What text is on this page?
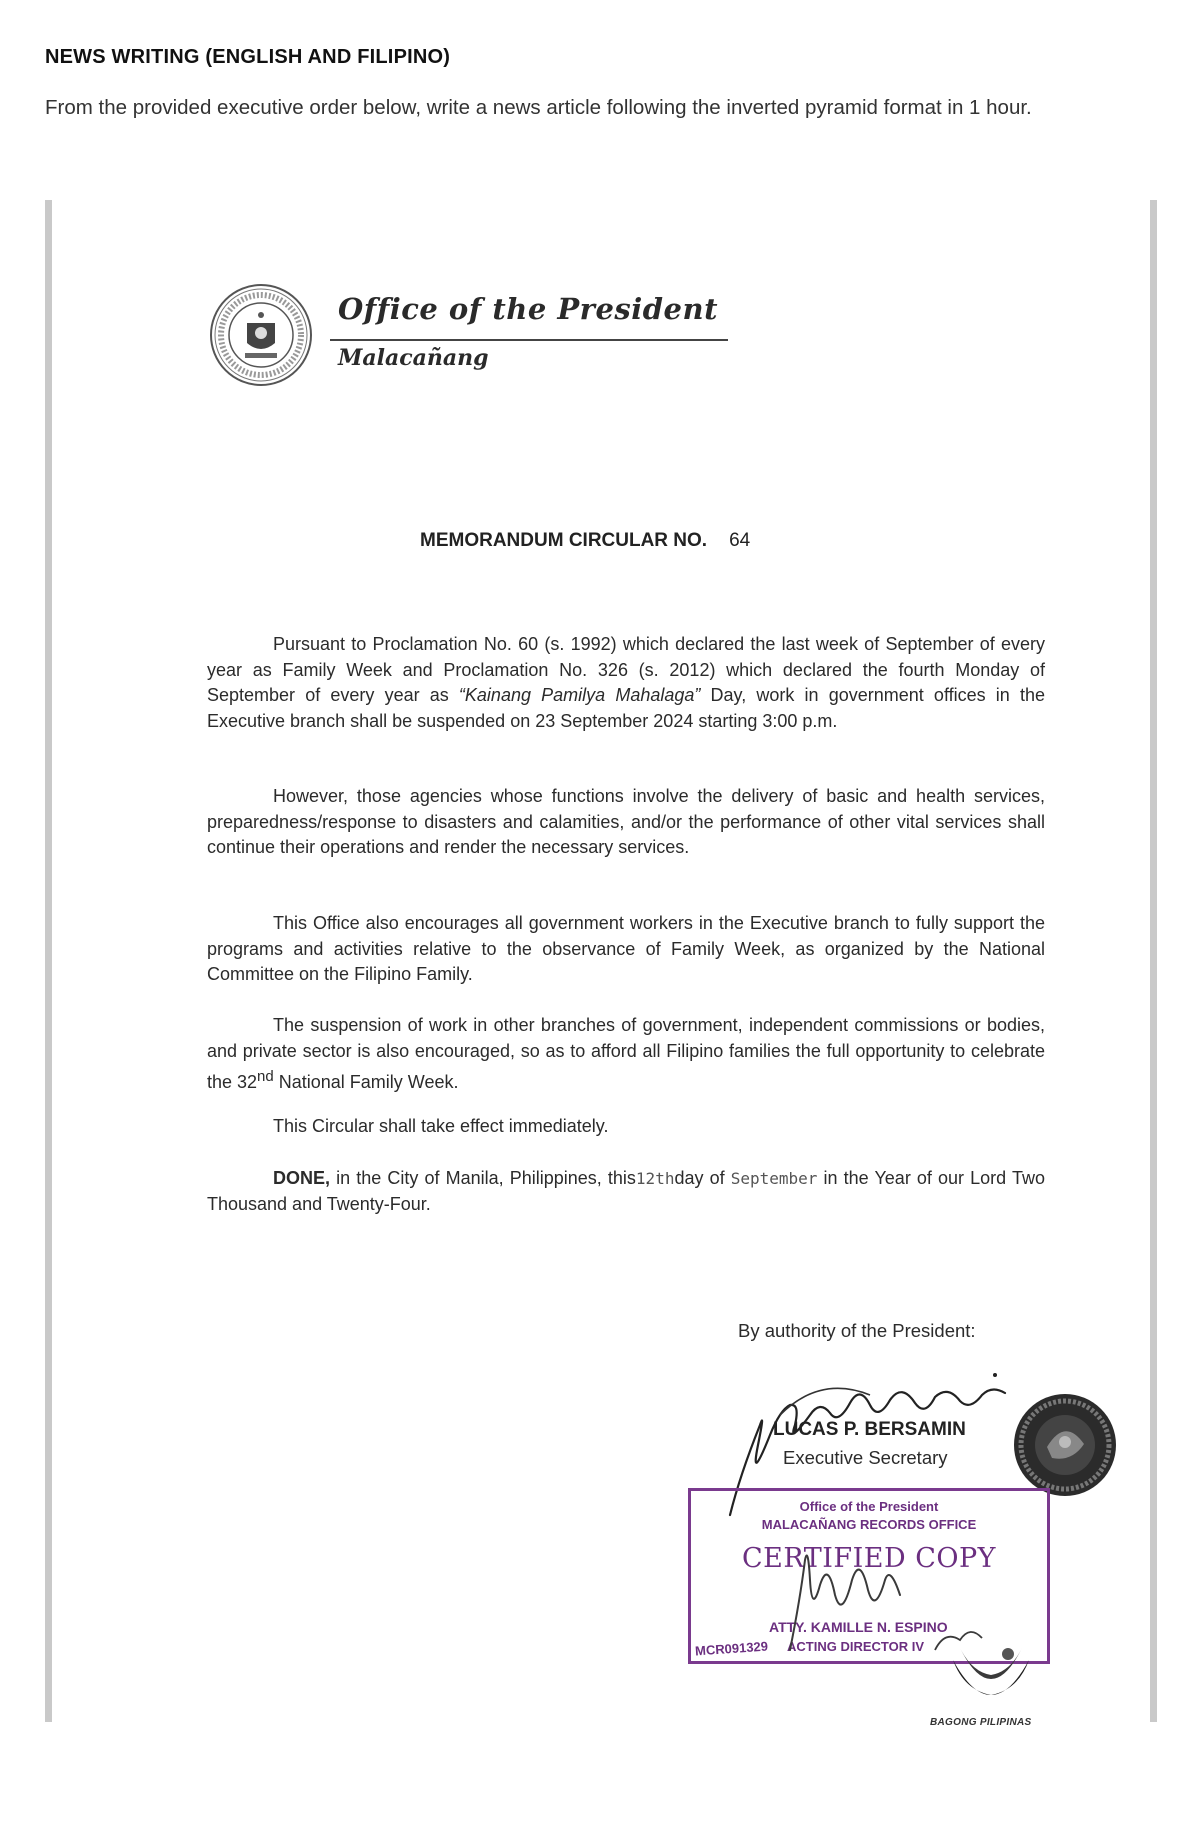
NEWS WRITING (ENGLISH AND FILIPINO)
From the provided executive order below, write a news article following the inverted pyramid format in 1 hour.
Office of the President
Malacañang
MEMORANDUM CIRCULAR NO. 64

Pursuant to Proclamation No. 60 (s. 1992) which declared the last week of September of every year as Family Week and Proclamation No. 326 (s. 2012) which declared the fourth Monday of September of every year as “Kainang Pamilya Mahalaga” Day, work in government offices in the Executive branch shall be suspended on 23 September 2024 starting 3:00 p.m.

However, those agencies whose functions involve the delivery of basic and health services, preparedness/response to disasters and calamities, and/or the performance of other vital services shall continue their operations and render the necessary services.

This Office also encourages all government workers in the Executive branch to fully support the programs and activities relative to the observance of Family Week, as organized by the National Committee on the Filipino Family.

The suspension of work in other branches of government, independent commissions or bodies, and private sector is also encouraged, so as to afford all Filipino families the full opportunity to celebrate the 32nd National Family Week.

This Circular shall take effect immediately.

DONE, in the City of Manila, Philippines, this12thday of September in the Year of our Lord Two Thousand and Twenty-Four.

By authority of the President:
LUCAS P. BERSAMIN
Executive Secretary
Office of the President
MALACAÑANG RECORDS OFFICE
CERTIFIED COPY
ATTY. KAMILLE N. ESPINO
ACTING DIRECTOR IV
MCR091329
BAGONG PILIPINAS
